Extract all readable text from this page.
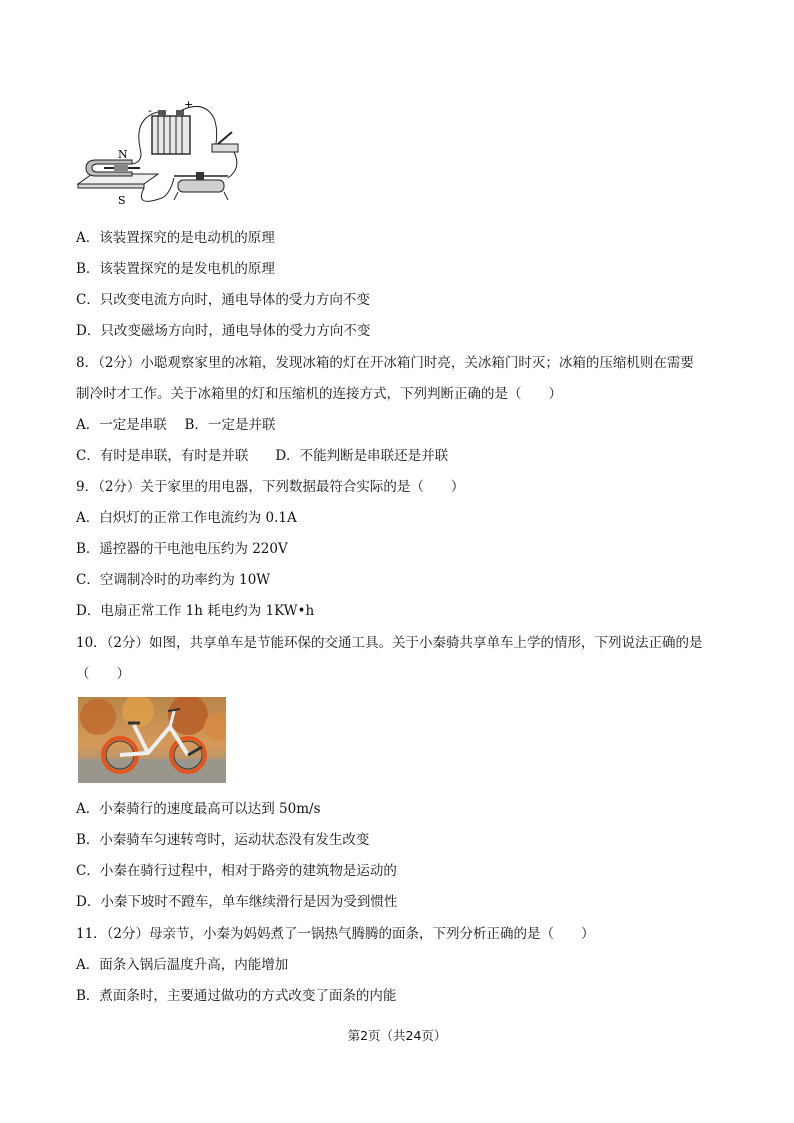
-	+
N
S
A．该装置探究的是电动机的原理
B．该装置探究的是发电机的原理
C．只改变电流方向时，通电导体的受力方向不变
D．只改变磁场方向时，通电导体的受力方向不变
8．（2分）小聪观察家里的冰箱，发现冰箱的灯在开冰箱门时亮，关冰箱门时灭；冰箱的压缩机则在需要
制冷时才工作。关于冰箱里的灯和压缩机的连接方式，下列判断正确的是（　　）
A．一定是串联　 B．一定是并联
C．有时是串联，有时是并联　　D．不能判断是串联还是并联
9．（2分）关于家里的用电器，下列数据最符合实际的是（　　）
A．白炽灯的正常工作电流约为 0.1A
B．遥控器的干电池电压约为 220V
C．空调制冷时的功率约为 10W
D．电扇正常工作 1h 耗电约为 1KW•h
10．（2分）如图，共享单车是节能环保的交通工具。关于小秦骑共享单车上学的情形，下列说法正确的是
（　　）
A．小秦骑行的速度最高可以达到 50m/s
B．小秦骑车匀速转弯时，运动状态没有发生改变
C．小秦在骑行过程中，相对于路旁的建筑物是运动的
D．小秦下坡时不蹬车，单车继续滑行是因为受到惯性
11．（2分）母亲节，小秦为妈妈煮了一锅热气腾腾的面条，下列分析正确的是（　　）
A．面条入锅后温度升高，内能增加
B．煮面条时，主要通过做功的方式改变了面条的内能
第2页（共24页）
